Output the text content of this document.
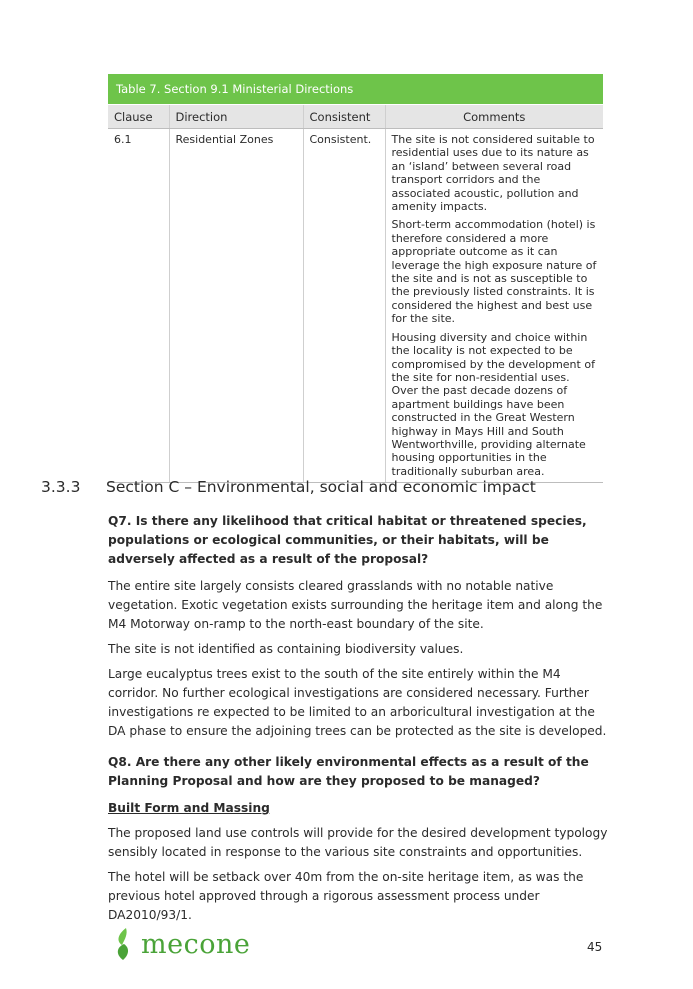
Table 7. Section 9.1 Ministerial Directions			
Clause	Direction	Consistent	Comments
6.1	Residential Zones	Consistent.	The site is not considered suitable to residential uses due to its nature as an ‘island’ between several road transport corridors and the associated acoustic, pollution and amenity impacts.

Short-term accommodation (hotel) is therefore considered a more appropriate outcome as it can leverage the high exposure nature of the site and is not as susceptible to the previously listed constraints. It is considered the highest and best use for the site.

Housing diversity and choice within the locality is not expected to be compromised by the development of the site for non-residential uses. Over the past decade dozens of apartment buildings have been constructed in the Great Western highway in Mays Hill and South Wentworthville, providing alternate housing opportunities in the traditionally suburban area.

3.3.3 Section C – Environmental, social and economic impact

Q7. Is there any likelihood that critical habitat or threatened species, populations or ecological communities, or their habitats, will be adversely affected as a result of the proposal?

The entire site largely consists cleared grasslands with no notable native vegetation. Exotic vegetation exists surrounding the heritage item and along the M4 Motorway on-ramp to the north-east boundary of the site.

The site is not identified as containing biodiversity values.

Large eucalyptus trees exist to the south of the site entirely within the M4 corridor. No further ecological investigations are considered necessary. Further investigations re expected to be limited to an arboricultural investigation at the DA phase to ensure the adjoining trees can be protected as the site is developed.

Q8. Are there any other likely environmental effects as a result of the Planning Proposal and how are they proposed to be managed?

Built Form and Massing

The proposed land use controls will provide for the desired development typology sensibly located in response to the various site constraints and opportunities.

The hotel will be setback over 40m from the on-site heritage item, as was the previous hotel approved through a rigorous assessment process under DA2010/93/1.

mecone	45
